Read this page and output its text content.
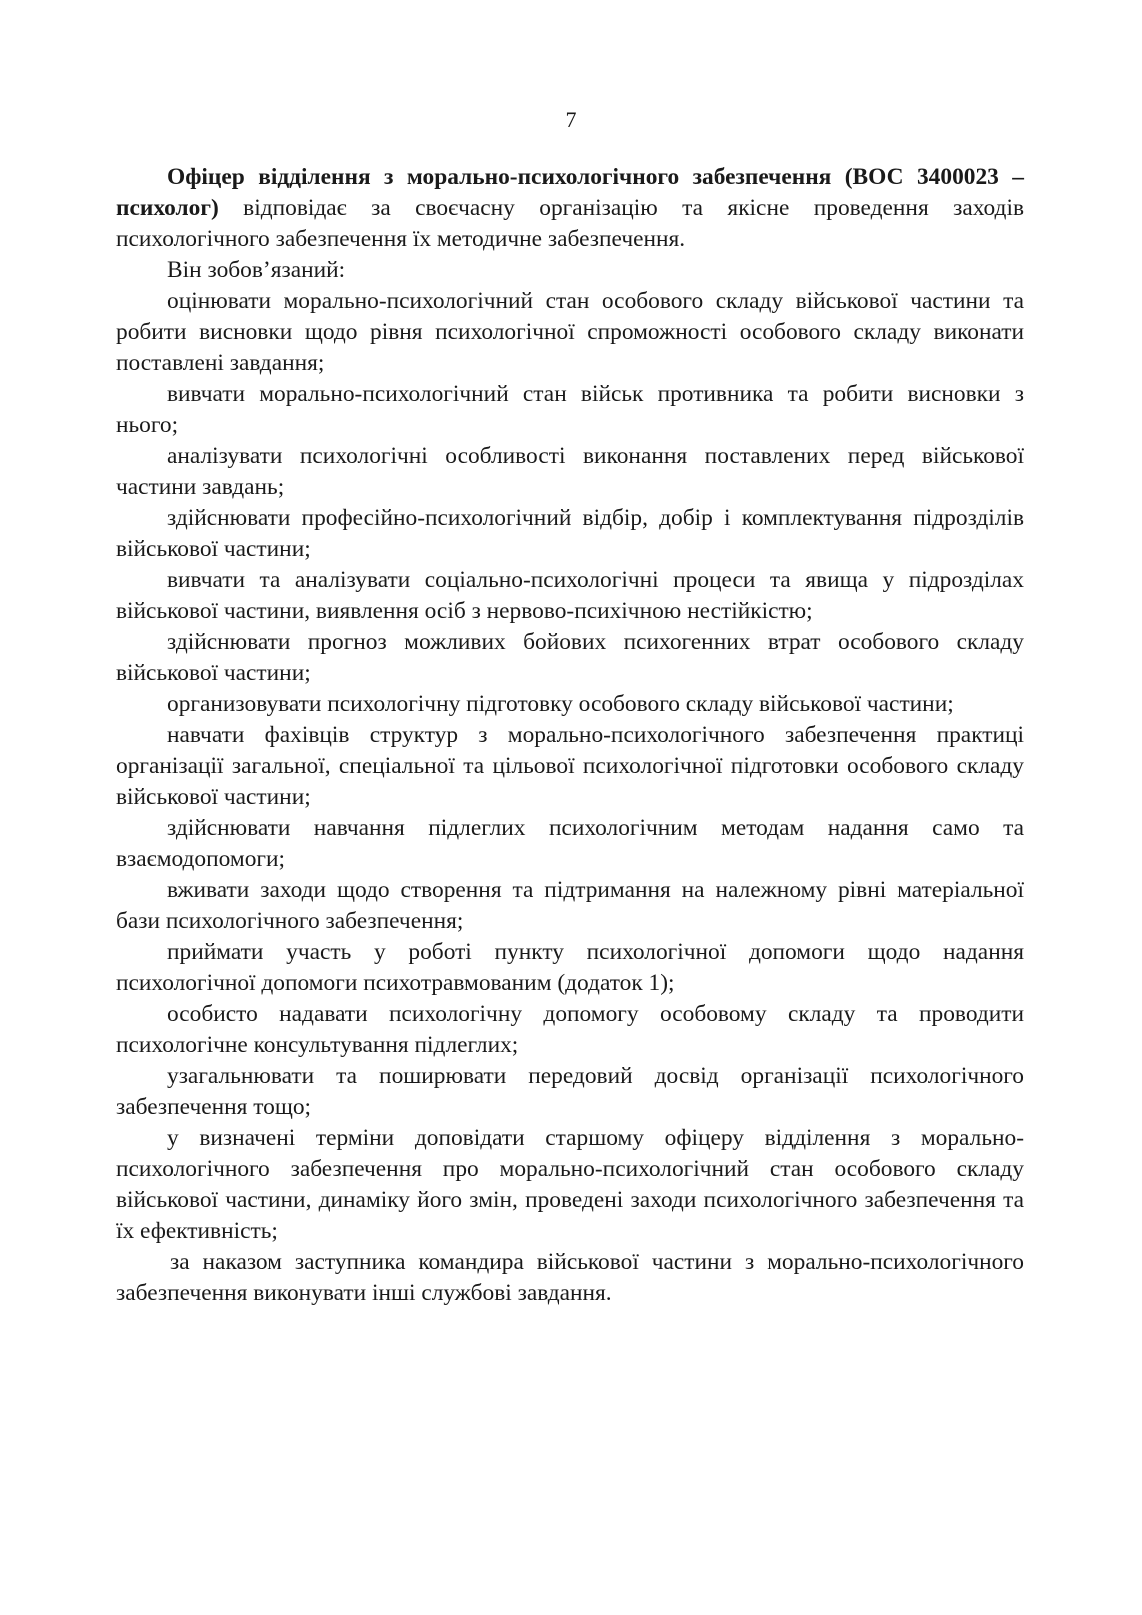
7

Офіцер відділення з морально-психологічного забезпечення (ВОС 3400023 – психолог) відповідає за своєчасну організацію та якісне проведення заходів психологічного забезпечення їх методичне забезпечення.

Він зобов’язаний:

оцінювати морально-психологічний стан особового складу військової частини та робити висновки щодо рівня психологічної спроможності особового складу виконати поставлені завдання;

вивчати морально-психологічний стан військ противника та робити висновки з нього;

аналізувати психологічні особливості виконання поставлених перед військової частини завдань;

здійснювати професійно-психологічний відбір, добір і комплектування підрозділів військової частини;

вивчати та аналізувати соціально-психологічні процеси та явища у підрозділах військової частини, виявлення осіб з нервово-психічною нестійкістю;

здійснювати прогноз можливих бойових психогенних втрат особового складу військової частини;

организовувати психологічну підготовку особового складу військової частини;

навчати фахівців структур з морально-психологічного забезпечення практиці організації загальної, спеціальної та цільової психологічної підготовки особового складу військової частини;

здійснювати навчання підлеглих психологічним методам надання само та взаємодопомоги;

вживати заходи щодо створення та підтримання на належному рівні матеріальної бази психологічного забезпечення;

приймати участь у роботі пункту психологічної допомоги щодо надання психологічної допомоги психотравмованим (додаток 1);

особисто надавати психологічну допомогу особовому складу та проводити психологічне консультування підлеглих;

узагальнювати та поширювати передовий досвід організації психологічного забезпечення тощо;

у визначені терміни доповідати старшому офіцеру відділення з морально-психологічного забезпечення про морально-психологічний стан особового складу військової частини, динаміку його змін, проведені заходи психологічного забезпечення та їх ефективність;

за наказом заступника командира військової частини з морально-психологічного забезпечення виконувати інші службові завдання.
